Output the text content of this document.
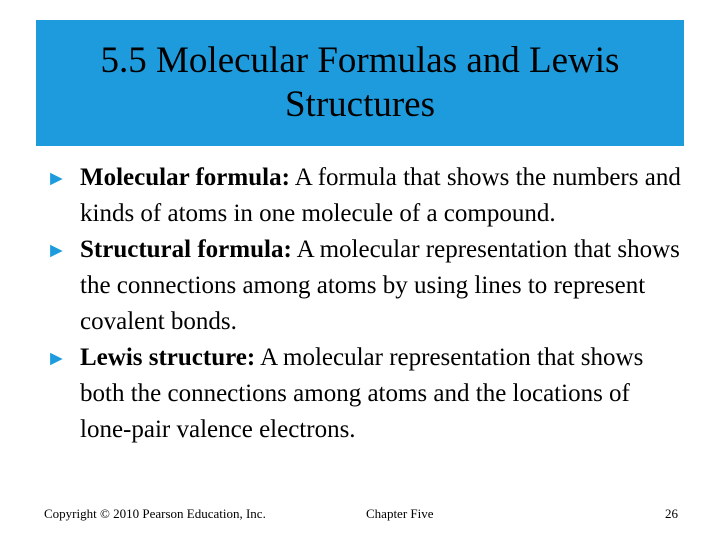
5.5 Molecular Formulas and Lewis Structures
► Molecular formula: A formula that shows the numbers and kinds of atoms in one molecule of a compound.
► Structural formula: A molecular representation that shows the connections among atoms by using lines to represent covalent bonds.
► Lewis structure: A molecular representation that shows both the connections among atoms and the locations of lone-pair valence electrons.
Copyright © 2010 Pearson Education, Inc.	Chapter Five	26
